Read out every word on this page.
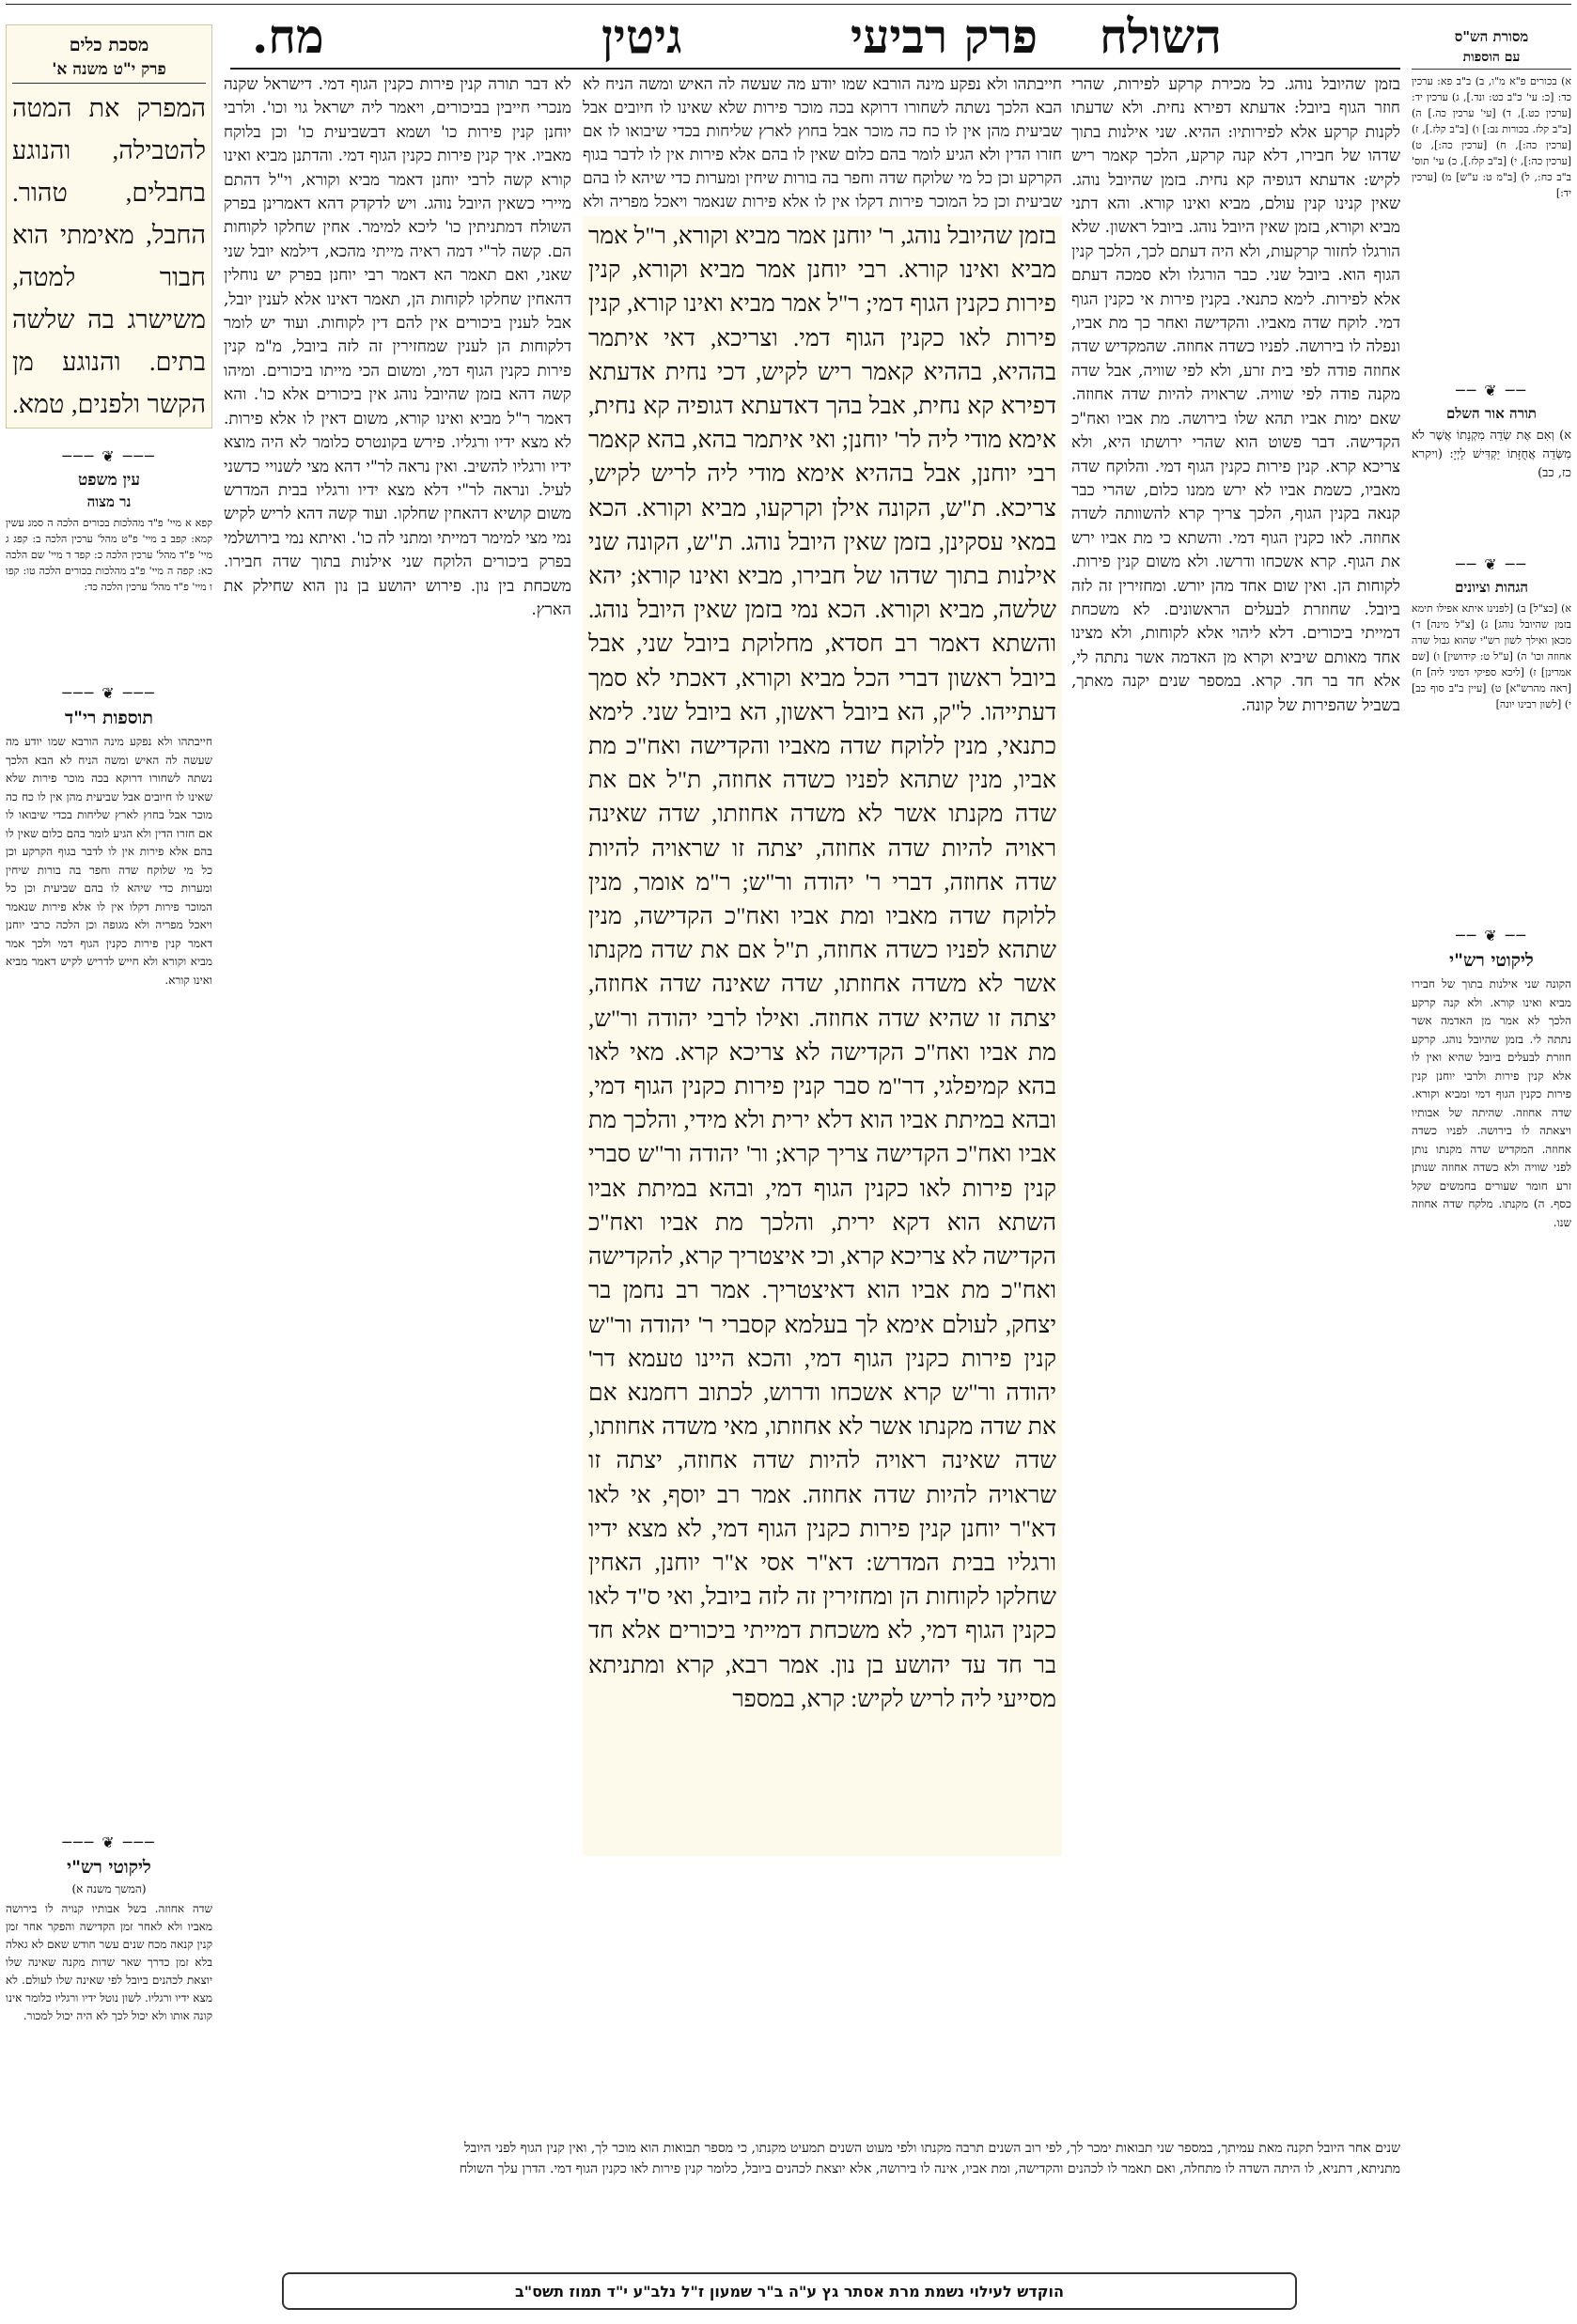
מח.	גיטין	פרק רביעי השולח
מסכת כלים
פרק י"ט משנה א'
המפרק את המטה להטבילה, והנוגע בחבלים, טהור. החבל, מאימתי הוא חבור למטה, משישרג בה שלשה בתים. והנוגע מן הקשר ולפנים, טמא.
─── ❦ ───
עין משפט
נר מצוה
קפא א מיי' פ"ד מהלכות בכורים הלכה ה סמג עשין קמא: קפב ב מיי' פ"ט מהל' ערכין הלכה ב: קפג ג מיי' פ"ד מהל' ערכין הלכה כ: קפד ד מיי' שם הלכה כא: קפה ה מיי' פ"ב מהלכות בכורים הלכה טו: קפו ו מיי' פ"ד מהל' ערכין הלכה כד:
─── ❦ ───
תוספות רי"ד
חייבתהו ולא נפקע מינה הורבא שמו יודע מה שעשה לה האיש ומשה הניח לא הבא הלכך נשתה לשחורו דרוקא בכה מוכר פירות שלא שאינו לו חיובים אבל שביעית מהן אין לו כח כה מוכר אבל בחוץ לארץ שליחות בכדי שיבואו לו אם חזרו הדין ולא הגיע לומר בהם כלום שאין לו בהם אלא פירות אין לו לדבר בגוף הקרקע וכן כל מי שלוקח שדה וחפר בה בורות שיחין ומערות כדי שיהא לו בהם שביעית וכן כל המוכר פירות דקלו אין לו אלא פירות שנאמר ויאכל מפריה ולא מגופה וכן הלכה כרבי יוחנן דאמר קנין פירות כקנין הגוף דמי ולכך אמר מביא וקורא ולא חייש לדריש לקיש דאמר מביא ואינו קורא.
─── ❦ ───
ליקוטי רש"י
(המשך משנה א)
שדה אחוזה. בשל אבותיו קנויה לו בירושה מאביו ולא לאחר זמן הקדישה והפקר אחר זמן קנין קנאה מכח שנים עשר חודש שאם לא גאלה בלא זמן כדרך שאר שדות מקנה שאינה שלו יוצאת לכהנים ביובל לפי שאינה שלו לעולם. לא מצא ידיו ורגליו. לשון נוטל ידיו ורגליו כלומר אינו קונה אותו ולא יכול לכך לא היה יכול למכור.
לא דבר תורה קנין פירות כקנין הגוף דמי. דישראל שקנה מנכרי חייבין בביכורים, ויאמר ליה ישראל גוי וכו'. ולרבי יוחנן קנין פירות כו' ושמא דבשביעית כו' וכן בלוקח מאביו. איך קנין פירות כקנין הגוף דמי. והדתנן מביא ואינו קורא קשה לרבי יוחנן דאמר מביא וקורא, וי"ל דהתם מיירי כשאין היובל נוהג. ויש לדקדק דהא דאמרינן בפרק השולח דמתניתין כו' ליכא למימר. אחין שחלקו לקוחות הם. קשה לר"י דמה ראיה מייתי מהכא, דילמא יובל שני שאני, ואם תאמר הא דאמר רבי יוחנן בפרק יש נוחלין דהאחין שחלקו לקוחות הן, תאמר דאינו אלא לענין יובל, אבל לענין ביכורים אין להם דין לקוחות. ועוד יש לומר דלקוחות הן לענין שמחזירין זה לזה ביובל, מ"מ קנין פירות כקנין הגוף דמי, ומשום הכי מייתו ביכורים. ומיהו קשה דהא בזמן שהיובל נוהג אין ביכורים אלא כו'. והא דאמר ר"ל מביא ואינו קורא, משום דאין לו אלא פירות. לא מצא ידיו ורגליו. פירש בקונטרס כלומר לא היה מוצא ידיו ורגליו להשיב. ואין נראה לר"י דהא מצי לשנויי כדשני לעיל. ונראה לר"י דלא מצא ידיו ורגליו בבית המדרש משום קושיא דהאחין שחלקו. ועוד קשה דהא לריש לקיש נמי מצי למימר דמייתי ומתני לה כו'. ואיתא נמי בירושלמי בפרק ביכורים הלוקח שני אילנות בתוך שדה חבירו. משכחת בין נון. פירוש יהושע בן נון הוא שחילק את הארץ.
בזמן שהיובל נוהג, ר' יוחנן אמר מביא וקורא, ר"ל אמר מביא ואינו קורא. רבי יוחנן אמר מביא וקורא, קנין פירות כקנין הגוף דמי; ר"ל אמר מביא ואינו קורא, קנין פירות לאו כקנין הגוף דמי. וצריכא, דאי איתמר בההיא, בההיא קאמר ריש לקיש, דכי נחית אדעתא דפירא קא נחית, אבל בהך דאדעתא דגופיה קא נחית, אימא מודי ליה לר' יוחנן; ואי איתמר בהא, בהא קאמר רבי יוחנן, אבל בההיא אימא מודי ליה לריש לקיש, צריכא. ת"ש, הקונה אילן וקרקעו, מביא וקורא. הכא במאי עסקינן, בזמן שאין היובל נוהג. ת"ש, הקונה שני אילנות בתוך שדהו של חבירו, מביא ואינו קורא; יהא שלשה, מביא וקורא. הכא נמי בזמן שאין היובל נוהג. והשתא דאמר רב חסדא, מחלוקת ביובל שני, אבל ביובל ראשון דברי הכל מביא וקורא, דאכתי לא סמך דעתייהו. ל"ק, הא ביובל ראשון, הא ביובל שני. לימא כתנאי, מנין ללוקח שדה מאביו והקדישה ואח"כ מת אביו, מנין שתהא לפניו כשדה אחוזה, ת"ל אם את שדה מקנתו אשר לא משדה אחוזתו, שדה שאינה ראויה להיות שדה אחוזה, יצתה זו שראויה להיות שדה אחוזה, דברי ר' יהודה ור"ש; ר"מ אומר, מנין ללוקח שדה מאביו ומת אביו ואח"כ הקדישה, מנין שתהא לפניו כשדה אחוזה, ת"ל אם את שדה מקנתו אשר לא משדה אחוזתו, שדה שאינה שדה אחוזה, יצתה זו שהיא שדה אחוזה. ואילו לרבי יהודה ור"ש, מת אביו ואח"כ הקדישה לא צריכא קרא. מאי לאו בהא קמיפלגי, דר"מ סבר קנין פירות כקנין הגוף דמי, ובהא במיתת אביו הוא דלא ירית ולא מידי, והלכך מת אביו ואח"כ הקדישה צריך קרא; ור' יהודה ור"ש סברי קנין פירות לאו כקנין הגוף דמי, ובהא במיתת אביו השתא הוא דקא ירית, והלכך מת אביו ואח"כ הקדישה לא צריכא קרא, וכי איצטריך קרא, להקדישה ואח"כ מת אביו הוא דאיצטריך. אמר רב נחמן בר יצחק, לעולם אימא לך בעלמא קסברי ר' יהודה ור"ש קנין פירות כקנין הגוף דמי, והכא היינו טעמא דר' יהודה ור"ש קרא אשכחו ודרוש, לכתוב רחמנא אם את שדה מקנתו אשר לא אחוזתו, מאי משדה אחוזתו, שדה שאינה ראויה להיות שדה אחוזה, יצתה זו שראויה להיות שדה אחוזה. אמר רב יוסף, אי לאו דא"ר יוחנן קנין פירות כקנין הגוף דמי, לא מצא ידיו ורגליו בבית המדרש: דא"ר אסי א"ר יוחנן, האחין שחלקו לקוחות הן ומחזירין זה לזה ביובל, ואי ס"ד לאו כקנין הגוף דמי, לא משכחת דמייתי ביכורים אלא חד בר חד עד יהושע בן נון. אמר רבא, קרא ומתניתא מסייעי ליה לריש לקיש: קרא, במספר
בזמן שהיובל נוהג. כל מכירת קרקע לפירות, שהרי חוזר הגוף ביובל: אדעתא דפירא נחית. ולא שדעתו לקנות קרקע אלא לפירותיו: ההיא. שני אילנות בתוך שדהו של חבירו, דלא קנה קרקע, הלכך קאמר ריש לקיש: אדעתא דגופיה קא נחית. בזמן שהיובל נוהג. שאין קנינו קנין עולם, מביא ואינו קורא. והא דתני מביא וקורא, בזמן שאין היובל נוהג. ביובל ראשון. שלא הורגלו לחזור קרקעות, ולא היה דעתם לכך, הלכך קנין הגוף הוא. ביובל שני. כבר הורגלו ולא סמכה דעתם אלא לפירות. לימא כתנאי. בקנין פירות אי כקנין הגוף דמי. לוקח שדה מאביו. והקדישה ואחר כך מת אביו, ונפלה לו בירושה. לפניו כשדה אחוזה. שהמקדיש שדה אחוזה פודה לפי בית זרע, ולא לפי שוויה, אבל שדה מקנה פודה לפי שוויה. שראויה להיות שדה אחוזה. שאם ימות אביו תהא שלו בירושה. מת אביו ואח"כ הקדישה. דבר פשוט הוא שהרי ירושתו היא, ולא צריכא קרא. קנין פירות כקנין הגוף דמי. והלוקח שדה מאביו, כשמת אביו לא ירש ממנו כלום, שהרי כבר קנאה בקנין הגוף, הלכך צריך קרא להשוותה לשדה אחוזה. לאו כקנין הגוף דמי. והשתא כי מת אביו ירש את הגוף. קרא אשכחו ודרשו. ולא משום קנין פירות. לקוחות הן. ואין שום אחד מהן יורש. ומחזירין זה לזה ביובל. שחוזרת לבעלים הראשונים. לא משכחת דמייתי ביכורים. דלא ליהוי אלא לקוחות, ולא מצינו אחד מאותם שיביא וקרא מן האדמה אשר נתתה לי, אלא חד בר חד. קרא. במספר שנים יקנה מאתך, בשביל שהפירות של קונה.
חייבתהו ולא נפקע מינה הורבא שמו יודע מה שעשה לה האיש ומשה הניח לא הבא הלכך נשתה לשחורו דרוקא בכה מוכר פירות שלא שאינו לו חיובים אבל שביעית מהן אין לו כח כה מוכר אבל בחוץ לארץ שליחות בכדי שיבואו לו אם חזרו הדין ולא הגיע לומר בהם כלום שאין לו בהם אלא פירות אין לו לדבר בגוף הקרקע וכן כל מי שלוקח שדה וחפר בה בורות שיחין ומערות כדי שיהא לו בהם שביעית וכן כל המוכר פירות דקלו אין לו אלא פירות שנאמר ויאכל מפריה ולא
מסורת הש"ס
עם הוספות
א) בכורים פ"א מ"ו, ב) ב"ב פא: ערכין כד: [כ: עי' כ"ב כט: ונד.], ג) ערכין יד: [ערכין כט.], ד) [עי' ערכין כה.] ה) [ב"ב קלז. בכורות נב:] ו) [ב"ב קלז.], ז) [ערכין כה:], ח) [ערכין כה:], ט) [ערכין כה:], י) [ב"ב קלז.], כ) עי' תוס' ב"ב כח:, ל) [ב"מ ט: ע"ש] מ) [ערכין יד:]
── ❦ ──
תורה אור השלם
א) וְאִם אֶת שְׂדֵה מִקְנָתוֹ אֲשֶׁר לֹא מִשְּׂדֵה אֲחֻזָּתוֹ יַקְדִּישׁ לַיְיָ: (ויקרא כז, כב)
── ❦ ──
הגהות וציונים
א) [כצ"ל] ב) [לפנינו איתא אפילו תימא בזמן שהיובל נוהג] ג) [צ"ל מינה] ד) מכאן ואילך לשון רש"י שהוא גבול שדה אחוזה וכו' ה) [ע"ל ט: קידושין] ו) [שם אמרינן] ז) [ליכא ספיקי דמיני ליה] ח) [ראה מהרש"א] ט) [עיין ב"ב סוף כב] י) [לשון רבינו יונה]
── ❦ ──
ליקוטי רש"י
הקונה שני אילנות בתוך של חבירו מביא ואינו קורא. ולא קנה קרקע הלכך לא אמר מן האדמה אשר נתתה לי. בזמן שהיובל נוהג. קרקע חוזרת לבעלים ביובל שהיא ואין לו אלא קנין פירות ולרבי יוחנן קנין פירות כקנין הגוף דמי ומביא וקורא. שדה אחוזה. שהיתה של אבותיו ויצאתה לו בירושה. לפניו כשדה אחוזה. המקדיש שדה מקנתו נותן לפני שוויה ולא כשדה אחוזה שנותן זרע חומר שעורים בחמשים שקל כסף. ה) מקנתו. מלקח שדה אחוזה שנו.
שנים אחר היובל תקנה מאת עמיתך, במספר שני תבואות ימכר לך, לפי רוב השנים תרבה מקנתו ולפי מעוט השנים תמעיט מקנתו, כי מספר תבואות הוא מוכר לך, ואין קנין הגוף לפני היובל
מתניתא, דתניא, לו היתה השדה לו מתחלה, ואם תאמר לו לכהנים והקדישה, ומת אביו, אינה לו בירושה, אלא יוצאת לכהנים ביובל, כלומר קנין פירות לאו כקנין הגוף דמי. הדרן עלך השולח
הוקדש לעילוי נשמת מרת אסתר גץ ע"ה ב"ר שמעון ז"ל נלב"ע י"ד תמוז תשס"ב
